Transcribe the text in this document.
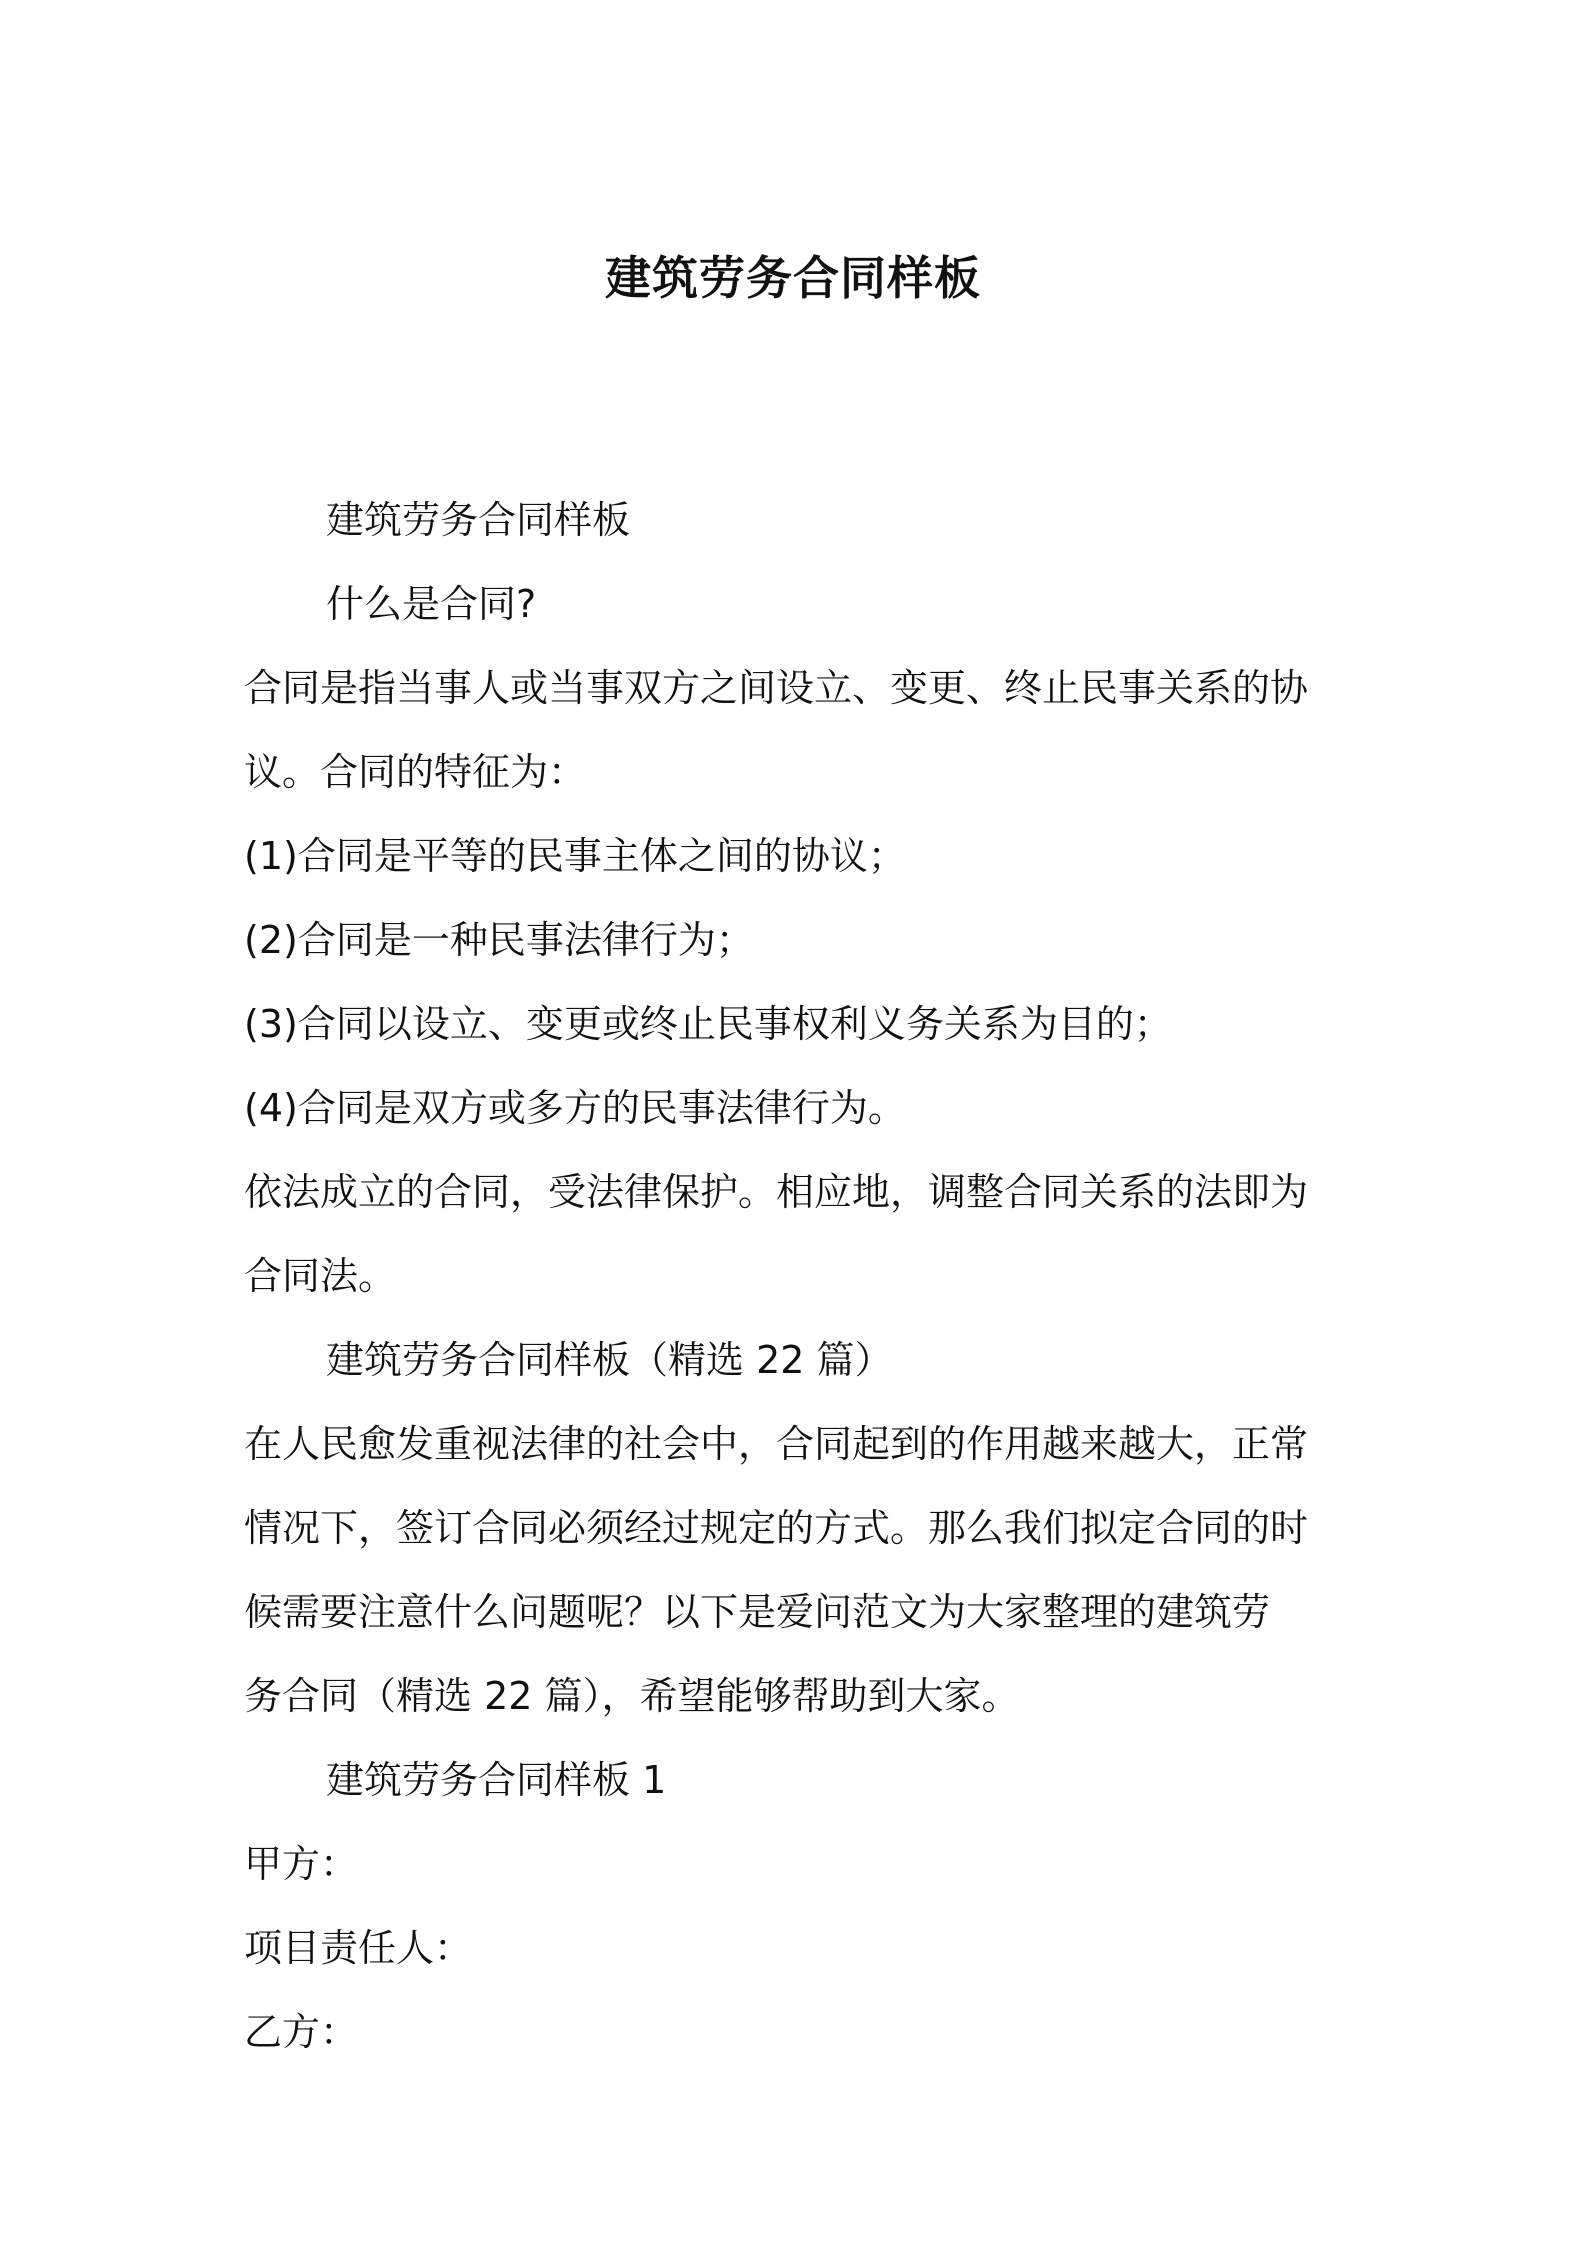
建筑劳务合同样板

建筑劳务合同样板

什么是合同?

合同是指当事人或当事双方之间设立、变更、终止民事关系的协

议。合同的特征为：

(1)合同是平等的民事主体之间的协议；

(2)合同是一种民事法律行为；

(3)合同以设立、变更或终止民事权利义务关系为目的；

(4)合同是双方或多方的民事法律行为。

依法成立的合同，受法律保护。相应地，调整合同关系的法即为

合同法。

建筑劳务合同样板（精选 22 篇）

在人民愈发重视法律的社会中，合同起到的作用越来越大，正常

情况下，签订合同必须经过规定的方式。那么我们拟定合同的时

候需要注意什么问题呢？以下是爱问范文为大家整理的建筑劳

务合同（精选 22 篇），希望能够帮助到大家。

建筑劳务合同样板 1

甲方：

项目责任人：

乙方：
